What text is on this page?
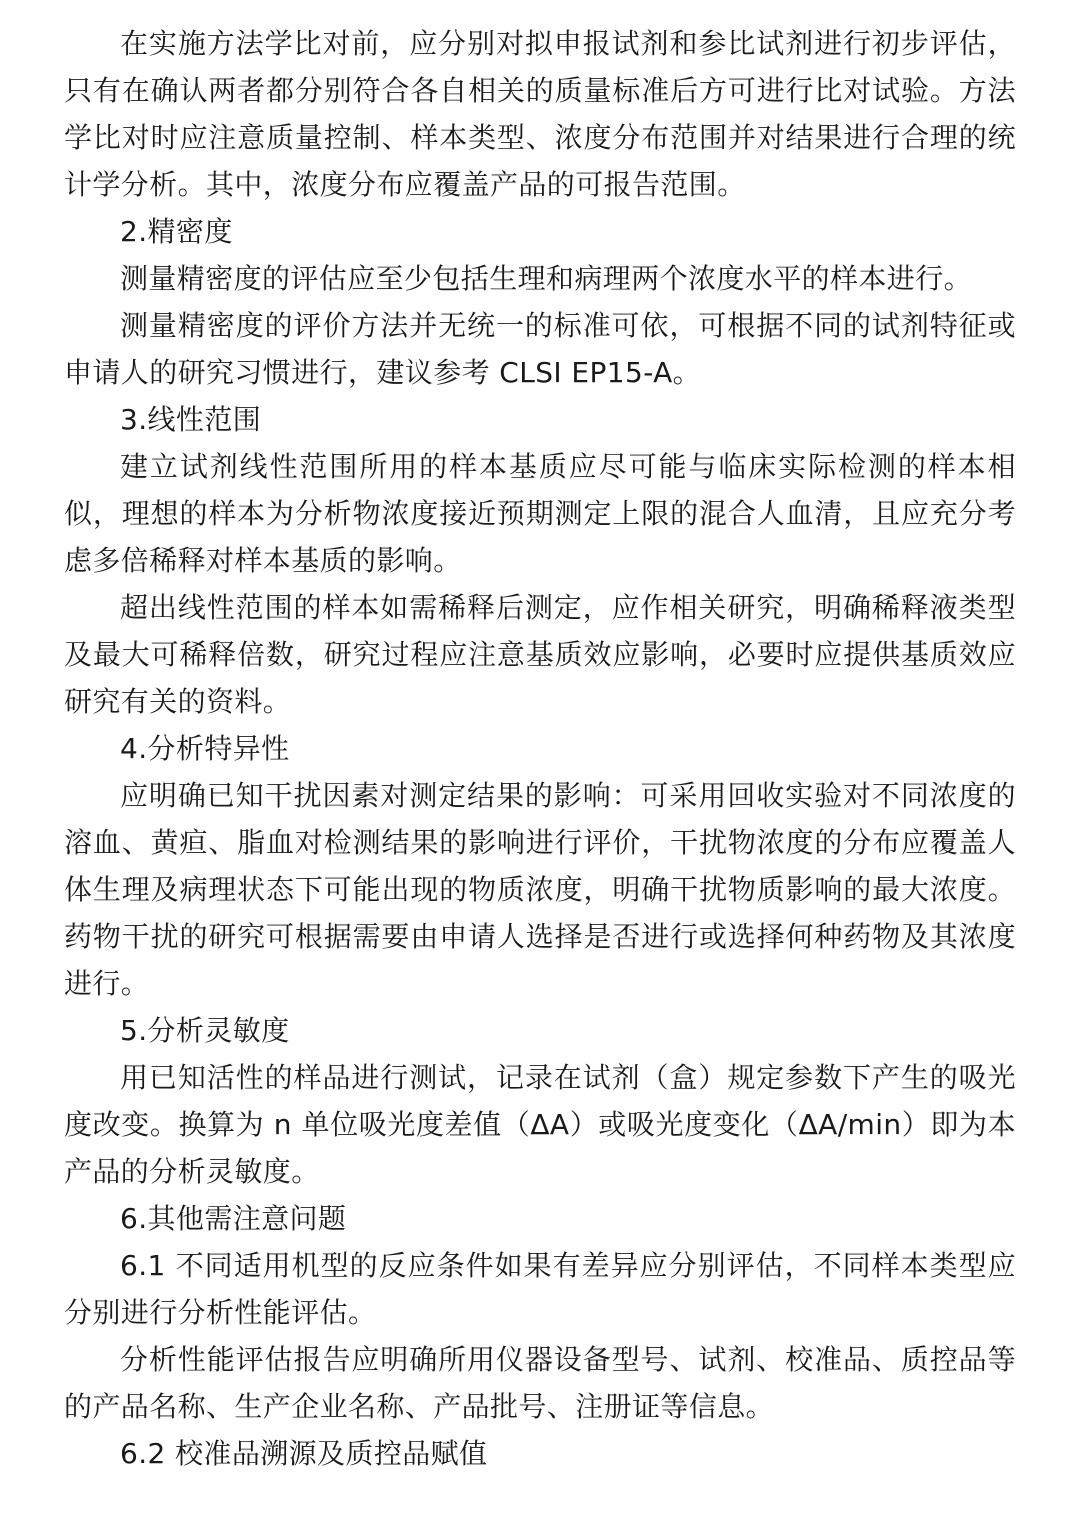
在实施方法学比对前，应分别对拟申报试剂和参比试剂进行初步评估，只有在确认两者都分别符合各自相关的质量标准后方可进行比对试验。方法学比对时应注意质量控制、样本类型、浓度分布范围并对结果进行合理的统计学分析。其中，浓度分布应覆盖产品的可报告范围。

2.精密度

测量精密度的评估应至少包括生理和病理两个浓度水平的样本进行。

测量精密度的评价方法并无统一的标准可依，可根据不同的试剂特征或申请人的研究习惯进行，建议参考 CLSI EP15-A。

3.线性范围

建立试剂线性范围所用的样本基质应尽可能与临床实际检测的样本相似，理想的样本为分析物浓度接近预期测定上限的混合人血清，且应充分考虑多倍稀释对样本基质的影响。

超出线性范围的样本如需稀释后测定，应作相关研究，明确稀释液类型及最大可稀释倍数，研究过程应注意基质效应影响，必要时应提供基质效应研究有关的资料。

4.分析特异性

应明确已知干扰因素对测定结果的影响：可采用回收实验对不同浓度的溶血、黄疸、脂血对检测结果的影响进行评价，干扰物浓度的分布应覆盖人体生理及病理状态下可能出现的物质浓度，明确干扰物质影响的最大浓度。药物干扰的研究可根据需要由申请人选择是否进行或选择何种药物及其浓度进行。

5.分析灵敏度

用已知活性的样品进行测试，记录在试剂（盒）规定参数下产生的吸光度改变。换算为 n 单位吸光度差值（ΔA）或吸光度变化（ΔA/min）即为本产品的分析灵敏度。

6.其他需注意问题

6.1 不同适用机型的反应条件如果有差异应分别评估，不同样本类型应分别进行分析性能评估。

分析性能评估报告应明确所用仪器设备型号、试剂、校准品、质控品等的产品名称、生产企业名称、产品批号、注册证等信息。

6.2 校准品溯源及质控品赋值
